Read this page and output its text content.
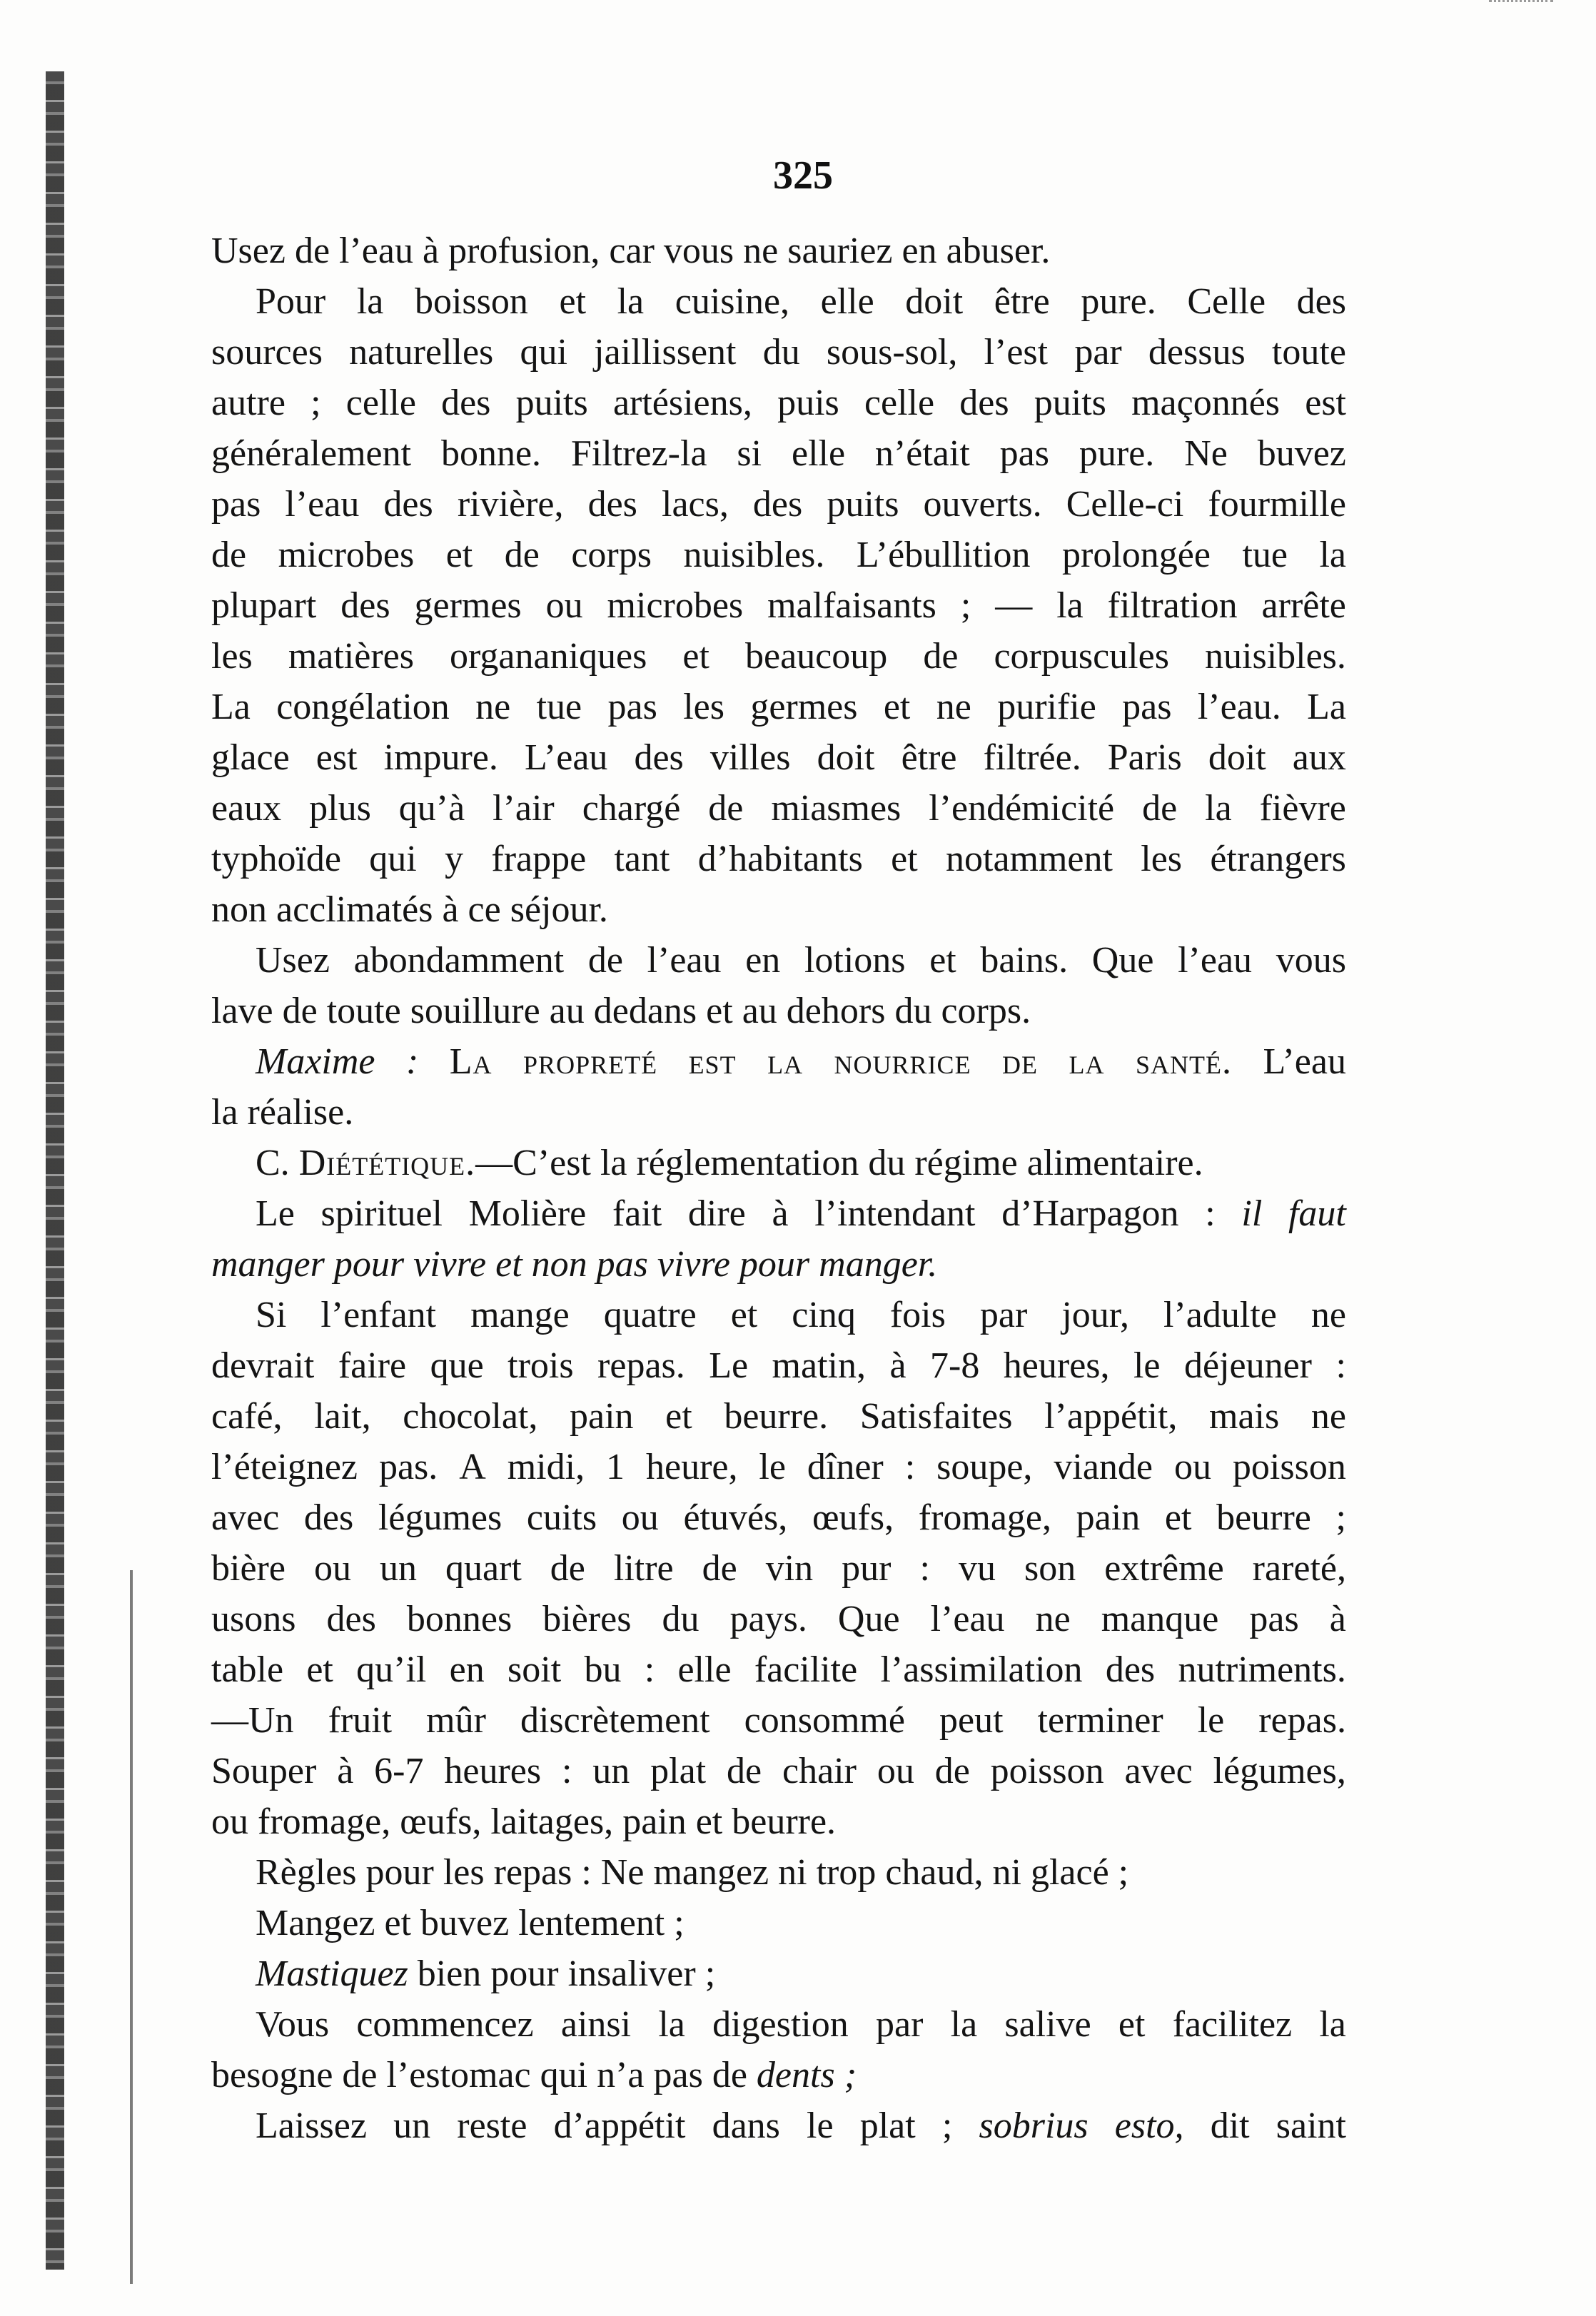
325
Usez de l’eau à profusion, car vous ne sauriez en abuser.
Pour la boisson et la cuisine, elle doit être pure. Celle des
sources naturelles qui jaillissent du sous-sol, l’est par dessus toute
autre ; celle des puits artésiens, puis celle des puits maçonnés est
généralement bonne. Filtrez-la si elle n’était pas pure. Ne buvez
pas l’eau des rivière, des lacs, des puits ouverts. Celle-ci fourmille
de microbes et de corps nuisibles. L’ébullition prolongée tue la
plupart des germes ou microbes malfaisants ; — la filtration arrête
les matières organaniques et beaucoup de corpuscules nuisibles.
La congélation ne tue pas les germes et ne purifie pas l’eau. La
glace est impure. L’eau des villes doit être filtrée. Paris doit aux
eaux plus qu’à l’air chargé de miasmes l’endémicité de la fièvre
typhoïde qui y frappe tant d’habitants et notamment les étrangers
non acclimatés à ce séjour.
Usez abondamment de l’eau en lotions et bains. Que l’eau vous
lave de toute souillure au dedans et au dehors du corps.
Maxime : La propreté est la nourrice de la santé. L’eau
la réalise.
C. Diététique.—C’est la réglementation du régime alimentaire.
Le spirituel Molière fait dire à l’intendant d’Harpagon : il faut
manger pour vivre et non pas vivre pour manger.
Si l’enfant mange quatre et cinq fois par jour, l’adulte ne
devrait faire que trois repas. Le matin, à 7-8 heures, le déjeuner :
café, lait, chocolat, pain et beurre. Satisfaites l’appétit, mais ne
l’éteignez pas. A midi, 1 heure, le dîner : soupe, viande ou poisson
avec des légumes cuits ou étuvés, œufs, fromage, pain et beurre ;
bière ou un quart de litre de vin pur : vu son extrême rareté,
usons des bonnes bières du pays. Que l’eau ne manque pas à
table et qu’il en soit bu : elle facilite l’assimilation des nutriments.
—Un fruit mûr discrètement consommé peut terminer le repas.
Souper à 6-7 heures : un plat de chair ou de poisson avec légumes,
ou fromage, œufs, laitages, pain et beurre.
Règles pour les repas : Ne mangez ni trop chaud, ni glacé ;
Mangez et buvez lentement ;
Mastiquez bien pour insaliver ;
Vous commencez ainsi la digestion par la salive et facilitez la
besogne de l’estomac qui n’a pas de dents ;
Laissez un reste d’appétit dans le plat ; sobrius esto, dit saint
